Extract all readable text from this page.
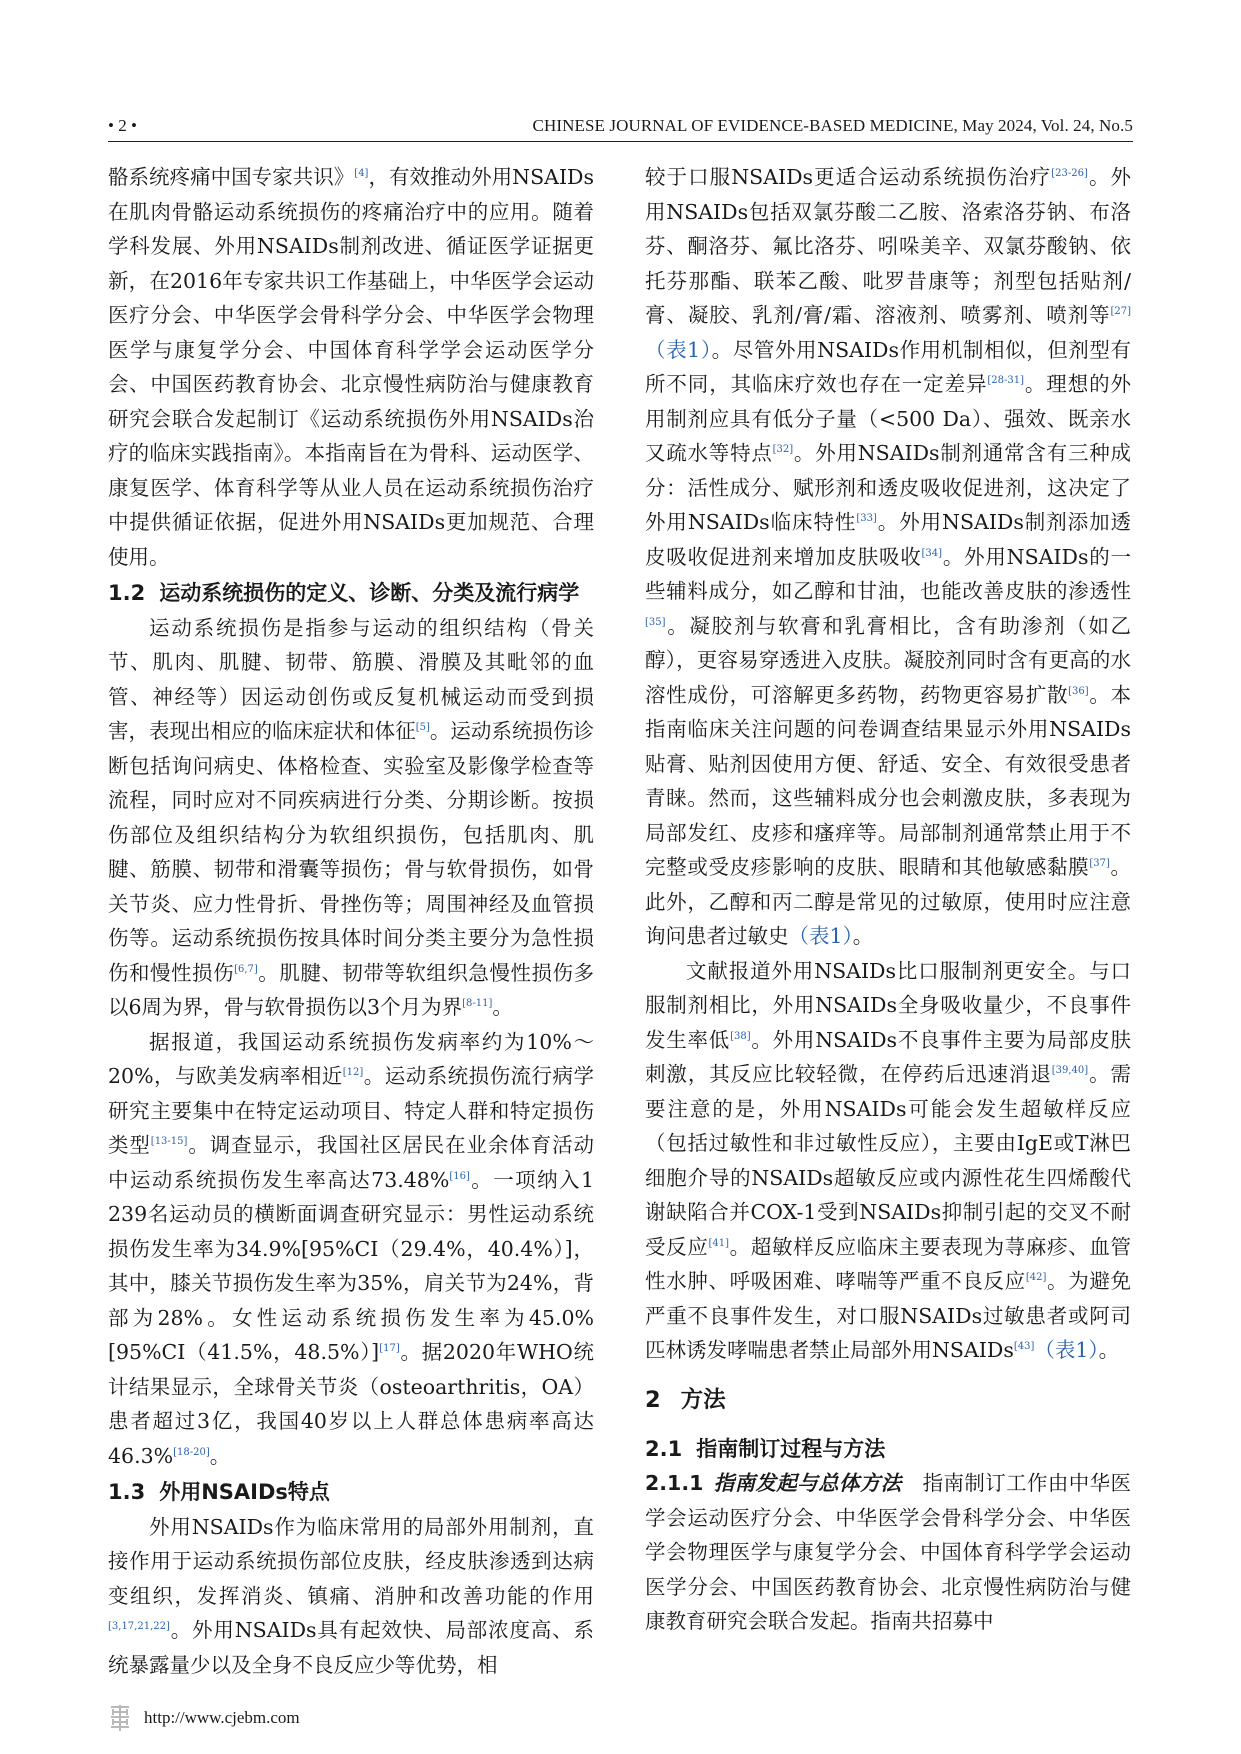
• 2 •	CHINESE JOURNAL OF EVIDENCE-BASED MEDICINE, May 2024, Vol. 24, No.5

骼系统疼痛中国专家共识》[4]，有效推动外用NSAIDs在肌肉骨骼运动系统损伤的疼痛治疗中的应用。随着学科发展、外用NSAIDs制剂改进、循证医学证据更新，在2016年专家共识工作基础上，中华医学会运动医疗分会、中华医学会骨科学分会、中华医学会物理医学与康复学分会、中国体育科学学会运动医学分会、中国医药教育协会、北京慢性病防治与健康教育研究会联合发起制订《运动系统损伤外用NSAIDs治疗的临床实践指南》。本指南旨在为骨科、运动医学、康复医学、体育科学等从业人员在运动系统损伤治疗中提供循证依据，促进外用NSAIDs更加规范、合理使用。

1.2 运动系统损伤的定义、诊断、分类及流行病学

运动系统损伤是指参与运动的组织结构（骨关节、肌肉、肌腱、韧带、筋膜、滑膜及其毗邻的血管、神经等）因运动创伤或反复机械运动而受到损害，表现出相应的临床症状和体征[5]。运动系统损伤诊断包括询问病史、体格检查、实验室及影像学检查等流程，同时应对不同疾病进行分类、分期诊断。按损伤部位及组织结构分为软组织损伤，包括肌肉、肌腱、筋膜、韧带和滑囊等损伤；骨与软骨损伤，如骨关节炎、应力性骨折、骨挫伤等；周围神经及血管损伤等。运动系统损伤按具体时间分类主要分为急性损伤和慢性损伤[6,7]。肌腱、韧带等软组织急慢性损伤多以6周为界，骨与软骨损伤以3个月为界[8-11]。

据报道，我国运动系统损伤发病率约为10%～20%，与欧美发病率相近[12]。运动系统损伤流行病学研究主要集中在特定运动项目、特定人群和特定损伤类型[13-15]。调查显示，我国社区居民在业余体育活动中运动系统损伤发生率高达73.48%[16]。一项纳入1 239名运动员的横断面调查研究显示：男性运动系统损伤发生率为34.9%[95%CI（29.4%，40.4%）]，其中，膝关节损伤发生率为35%，肩关节为24%，背部为28%。女性运动系统损伤发生率为45.0%[95%CI（41.5%，48.5%）][17]。据2020年WHO统计结果显示，全球骨关节炎（osteoarthritis，OA）患者超过3亿，我国40岁以上人群总体患病率高达46.3%[18-20]。

1.3 外用NSAIDs特点

外用NSAIDs作为临床常用的局部外用制剂，直接作用于运动系统损伤部位皮肤，经皮肤渗透到达病变组织，发挥消炎、镇痛、消肿和改善功能的作用[3,17,21,22]。外用NSAIDs具有起效快、局部浓度高、系统暴露量少以及全身不良反应少等优势，相

较于口服NSAIDs更适合运动系统损伤治疗[23-26]。外用NSAIDs包括双氯芬酸二乙胺、洛索洛芬钠、布洛芬、酮洛芬、氟比洛芬、吲哚美辛、双氯芬酸钠、依托芬那酯、联苯乙酸、吡罗昔康等；剂型包括贴剂/膏、凝胶、乳剂/膏/霜、溶液剂、喷雾剂、喷剂等[27]（表1）。尽管外用NSAIDs作用机制相似，但剂型有所不同，其临床疗效也存在一定差异[28-31]。理想的外用制剂应具有低分子量（<500 Da）、强效、既亲水又疏水等特点[32]。外用NSAIDs制剂通常含有三种成分：活性成分、赋形剂和透皮吸收促进剂，这决定了外用NSAIDs临床特性[33]。外用NSAIDs制剂添加透皮吸收促进剂来增加皮肤吸收[34]。外用NSAIDs的一些辅料成分，如乙醇和甘油，也能改善皮肤的渗透性[35]。凝胶剂与软膏和乳膏相比，含有助渗剂（如乙醇），更容易穿透进入皮肤。凝胶剂同时含有更高的水溶性成份，可溶解更多药物，药物更容易扩散[36]。本指南临床关注问题的问卷调查结果显示外用NSAIDs贴膏、贴剂因使用方便、舒适、安全、有效很受患者青睐。然而，这些辅料成分也会刺激皮肤，多表现为局部发红、皮疹和瘙痒等。局部制剂通常禁止用于不完整或受皮疹影响的皮肤、眼睛和其他敏感黏膜[37]。此外，乙醇和丙二醇是常见的过敏原，使用时应注意询问患者过敏史（表1）。

文献报道外用NSAIDs比口服制剂更安全。与口服制剂相比，外用NSAIDs全身吸收量少，不良事件发生率低[38]。外用NSAIDs不良事件主要为局部皮肤刺激，其反应比较轻微，在停药后迅速消退[39,40]。需要注意的是，外用NSAIDs可能会发生超敏样反应（包括过敏性和非过敏性反应），主要由IgE或T淋巴细胞介导的NSAIDs超敏反应或内源性花生四烯酸代谢缺陷合并COX-1受到NSAIDs抑制引起的交叉不耐受反应[41]。超敏样反应临床主要表现为荨麻疹、血管性水肿、呼吸困难、哮喘等严重不良反应[42]。为避免严重不良事件发生，对口服NSAIDs过敏患者或阿司匹林诱发哮喘患者禁止局部外用NSAIDs[43]（表1）。

2 方法
2.1 指南制订过程与方法

2.1.1 指南发起与总体方法　 指南制订工作由中华医学会运动医疗分会、中华医学会骨科学分会、中华医学会物理医学与康复学分会、中国体育科学学会运动医学分会、中国医药教育协会、北京慢性病防治与健康教育研究会联合发起。指南共招募中

http://www.cjebm.com
